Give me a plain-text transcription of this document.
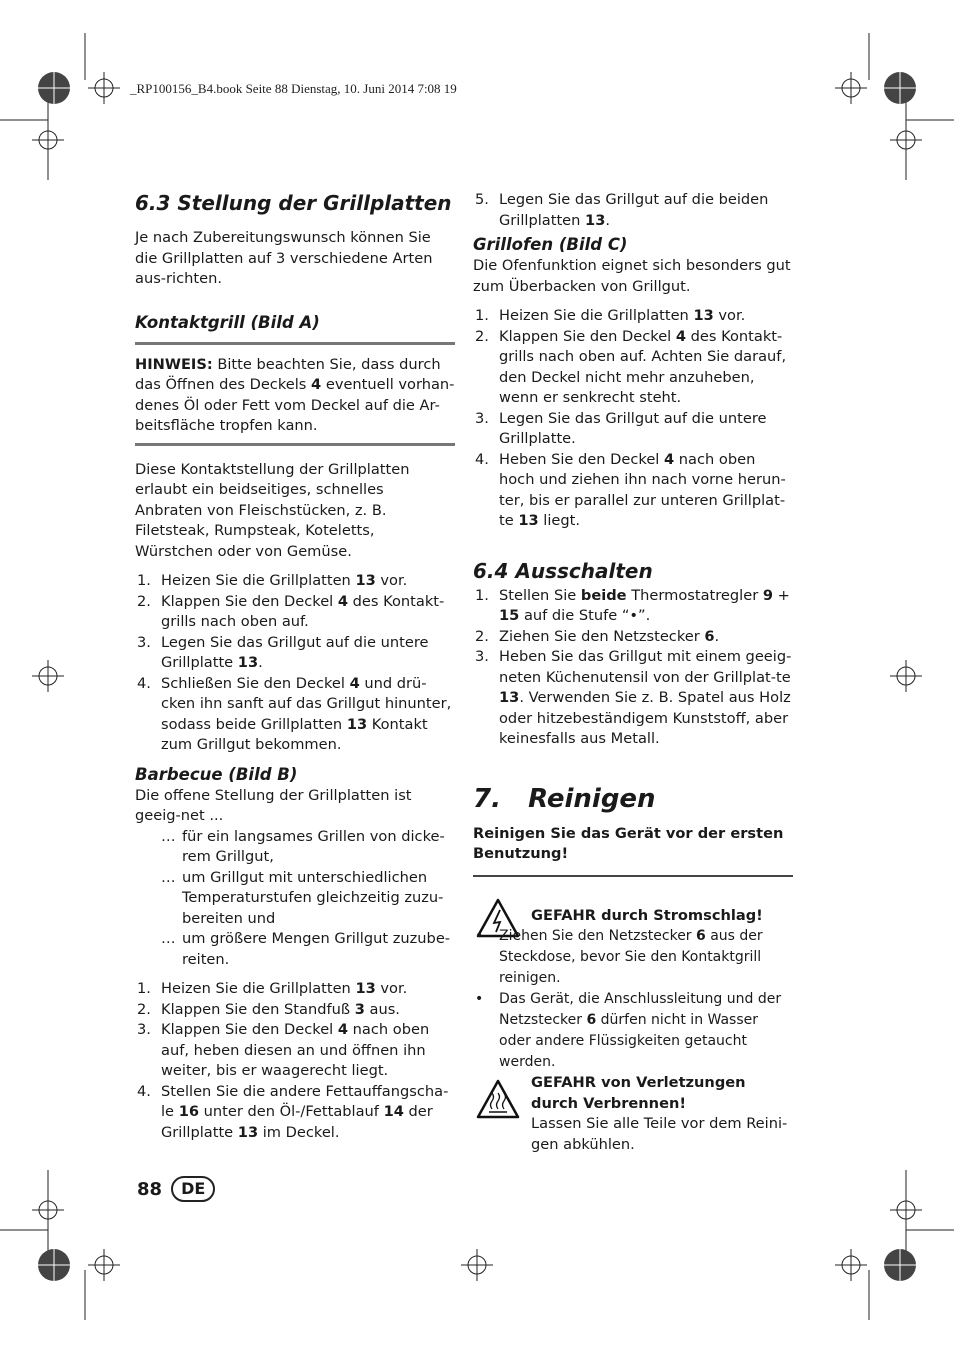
_RP100156_B4.book Seite 88 Dienstag, 10. Juni 2014 7:08 19
6.3 Stellung der Grillplatten

Je nach Zubereitungswunsch können Sie die Grillplatten auf 3 verschiedene Arten aus-richten.

Kontaktgrill (Bild A)

HINWEIS: Bitte beachten Sie, dass durch das Öffnen des Deckels 4 eventuell vorhan-denes Öl oder Fett vom Deckel auf die Ar-beitsfläche tropfen kann.

Diese Kontaktstellung der Grillplatten erlaubt ein beidseitiges, schnelles Anbraten von Fleischstücken, z. B. Filetsteak, Rumpsteak, Koteletts, Würstchen oder von Gemüse.

1. Heizen Sie die Grillplatten 13 vor.
2. Klappen Sie den Deckel 4 des Kontakt-grills nach oben auf.
3. Legen Sie das Grillgut auf die untere Grillplatte 13.
4. Schließen Sie den Deckel 4 und drü-cken ihn sanft auf das Grillgut hinunter, sodass beide Grillplatten 13 Kontakt zum Grillgut bekommen.
Barbecue (Bild B)

Die offene Stellung der Grillplatten ist geeig-net ...

… für ein langsames Grillen von dicke-rem Grillgut,
… um Grillgut mit unterschiedlichen Temperaturstufen gleichzeitig zuzu-bereiten und
… um größere Mengen Grillgut zuzube-reiten.
1. Heizen Sie die Grillplatten 13 vor.
2. Klappen Sie den Standfuß 3 aus.
3. Klappen Sie den Deckel 4 nach oben auf, heben diesen an und öffnen ihn weiter, bis er waagerecht liegt.
4. Stellen Sie die andere Fettauffangscha-le 16 unter den Öl-/Fettablauf 14 der Grillplatte 13 im Deckel.
5. Legen Sie das Grillgut auf die beiden Grillplatten 13.
Grillofen (Bild C)

Die Ofenfunktion eignet sich besonders gut zum Überbacken von Grillgut.

1. Heizen Sie die Grillplatten 13 vor.
2. Klappen Sie den Deckel 4 des Kontakt-grills nach oben auf. Achten Sie darauf, den Deckel nicht mehr anzuheben, wenn er senkrecht steht.
3. Legen Sie das Grillgut auf die untere Grillplatte.
4. Heben Sie den Deckel 4 nach oben hoch und ziehen ihn nach vorne herun-ter, bis er parallel zur unteren Grillplat-te 13 liegt.
6.4 Ausschalten
1. Stellen Sie beide Thermostatregler 9 + 15 auf die Stufe “•”.
2. Ziehen Sie den Netzstecker 6.
3. Heben Sie das Grillgut mit einem geeig-neten Küchenutensil von der Grillplat-te 13. Verwenden Sie z. B. Spatel aus Holz oder hitzebeständigem Kunststoff, aber keinesfalls aus Metall.
7.   Reinigen

Reinigen Sie das Gerät vor der ersten Benutzung!

GEFAHR durch Stromschlag!

• Ziehen Sie den Netzstecker 6 aus der Steckdose, bevor Sie den Kontaktgrill reinigen.
• Das Gerät, die Anschlussleitung und der Netzstecker 6 dürfen nicht in Wasser oder andere Flüssigkeiten getaucht werden.

GEFAHR von Verletzungen durch Verbrennen!

Lassen Sie alle Teile vor dem Reini-gen abkühlen.

88	DE
